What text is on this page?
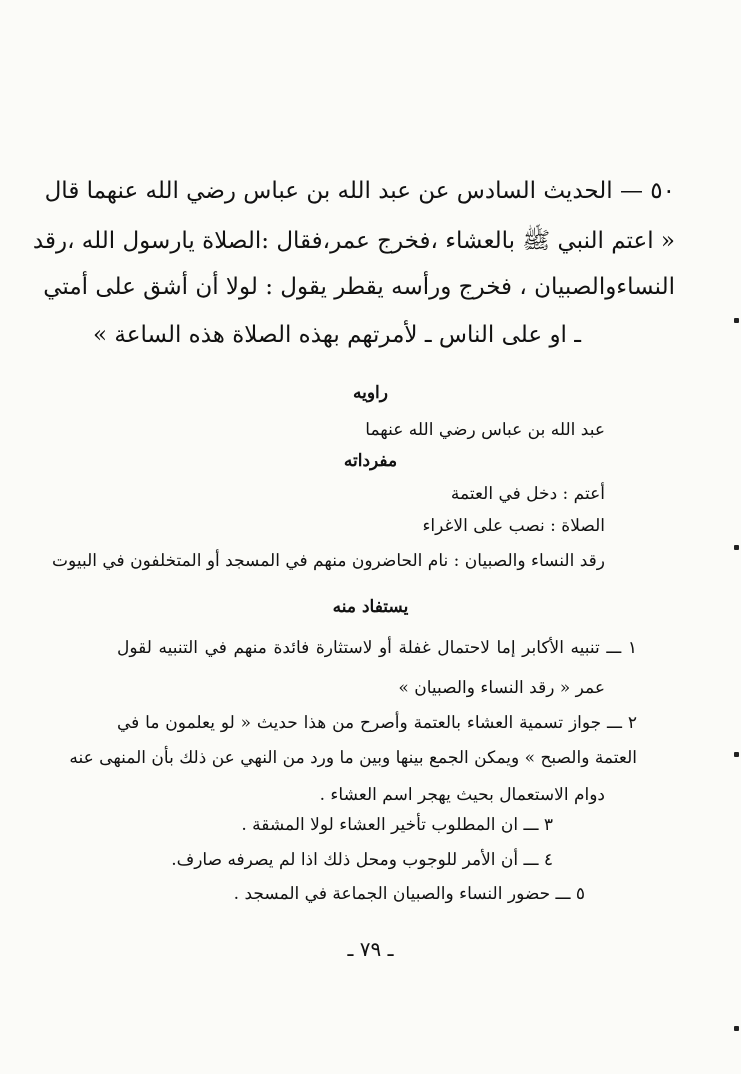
٥٠ — الحديث السادس عن عبد الله بن عباس رضي الله عنهما قال
« اعتم النبي ﷺ بالعشاء ،فخرج عمر،فقال :الصلاة يارسول الله ،رقد
النساءوالصبيان ، فخرج ورأسه يقطر يقول : لولا أن أشق على أمتي
ـ او على الناس ـ لأمرتهم بهذه الصلاة هذه الساعة »
راويه
عبد الله بن عباس رضي الله عنهما
مفرداته
أعتم : دخل في العتمة
الصلاة : نصب على الاغراء
رقد النساء والصبيان : نام الحاضرون منهم في المسجد أو المتخلفون في البيوت
يستفاد منه
١ ـــ تنبيه الأكابر إما لاحتمال غفلة أو لاستثارة فائدة منهم في التنبيه لقول
عمر « رقد النساء والصبيان »
٢ ـــ جواز تسمية العشاء بالعتمة وأصرح من هذا حديث « لو يعلمون ما في
العتمة والصبح » ويمكن الجمع بينها وبين ما ورد من النهي عن ذلك بأن المنهى عنه
دوام الاستعمال بحيث يهجر اسم العشاء .
٣ ـــ ان المطلوب تأخير العشاء لولا المشقة .
٤ ـــ أن الأمر للوجوب ومحل ذلك اذا لم يصرفه صارف.
٥ ـــ حضور النساء والصبيان الجماعة في المسجد .
ـ ٧٩ ـ
